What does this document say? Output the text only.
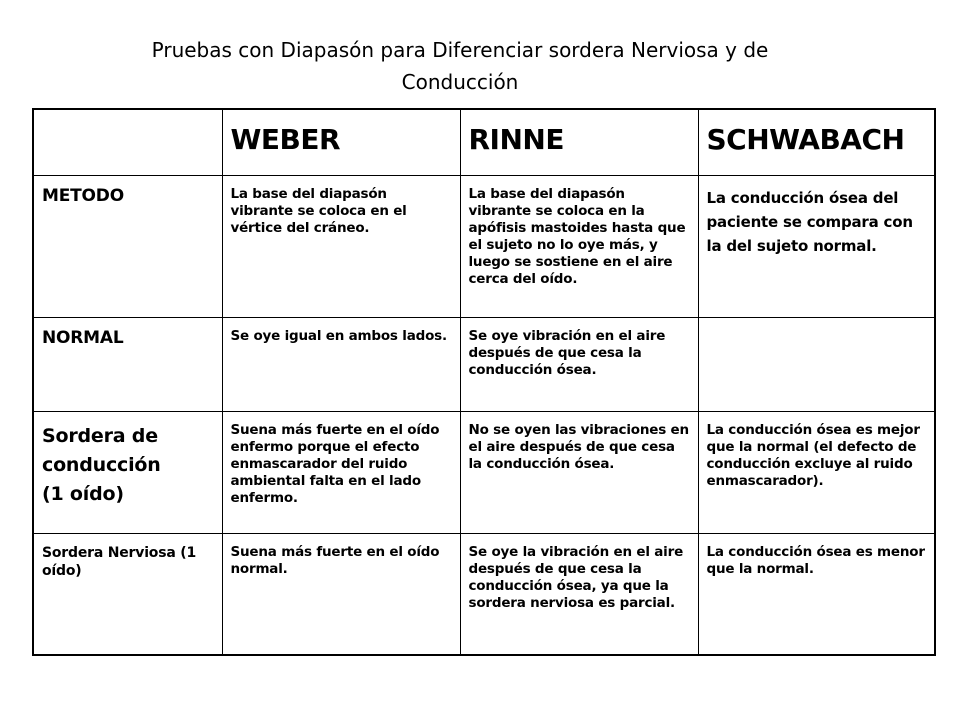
Pruebas con Diapasón para Diferenciar sordera Nerviosa y de
Conducción
	WEBER	RINNE	SCHWABACH
METODO	La base del diapasón vibrante se coloca en el vértice del cráneo.	La base del diapasón vibrante se coloca en la apófisis mastoides hasta que el sujeto no lo oye más, y luego se sostiene en el aire cerca del oído.	La conducción ósea del paciente se compara con la del sujeto normal.
NORMAL	Se oye igual en ambos lados.	Se oye vibración en el aire después de que cesa la conducción ósea.	

Sordera de conducción
(1 oído)	Suena más fuerte en el oído enfermo porque el efecto enmascarador del ruido ambiental falta en el lado enfermo.	No se oyen las vibraciones en el aire después de que cesa la conducción ósea.	La conducción ósea es mejor que la normal (el defecto de conducción excluye al ruido enmascarador).
Sordera Nerviosa (1 oído)	Suena más fuerte en el oído normal.	Se oye la vibración en el aire después de que cesa la conducción ósea, ya que la sordera nerviosa es parcial.	La conducción ósea es menor que la normal.
